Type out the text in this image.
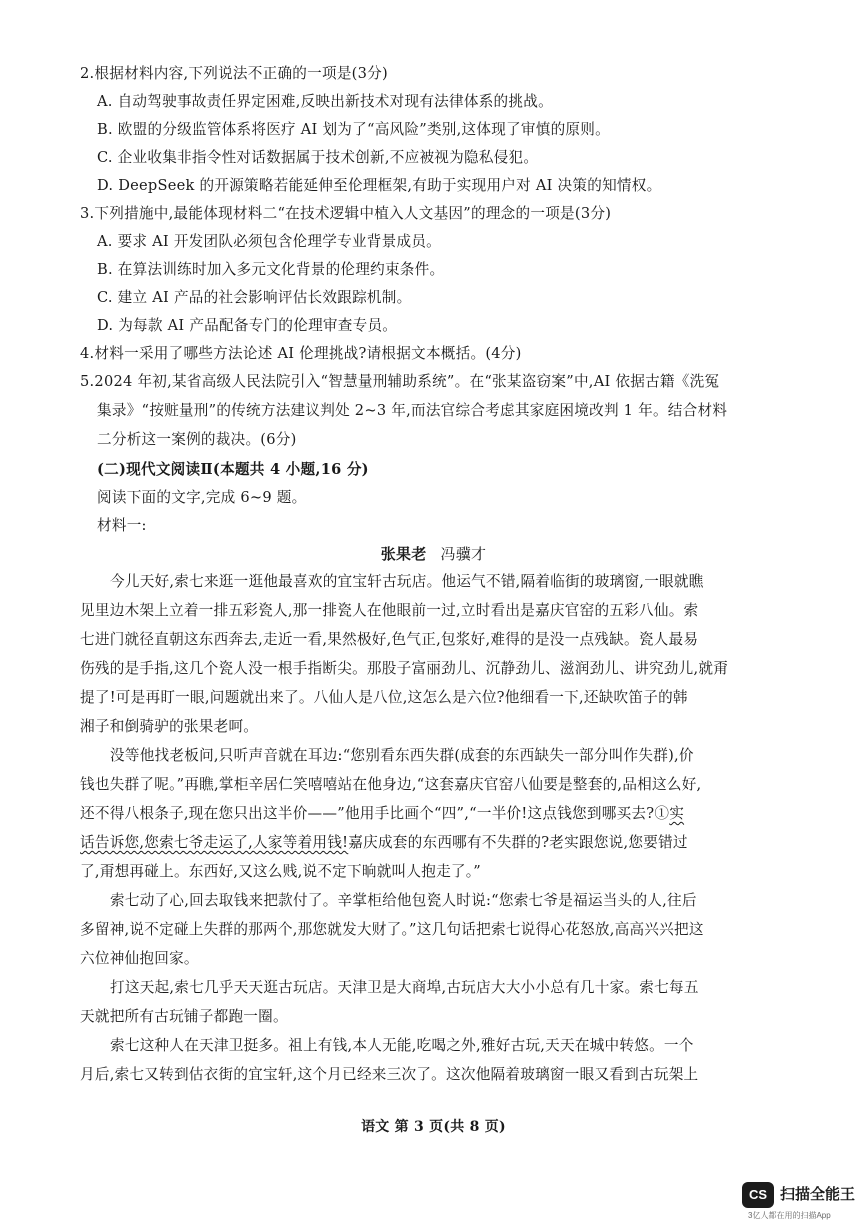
2.根据材料内容,下列说法不正确的一项是(3分)
A. 自动驾驶事故责任界定困难,反映出新技术对现有法律体系的挑战。
B. 欧盟的分级监管体系将医疗 AI 划为了“高风险”类别,这体现了审慎的原则。
C. 企业收集非指令性对话数据属于技术创新,不应被视为隐私侵犯。
D. DeepSeek 的开源策略若能延伸至伦理框架,有助于实现用户对 AI 决策的知情权。
3.下列措施中,最能体现材料二“在技术逻辑中植入人文基因”的理念的一项是(3分)
A. 要求 AI 开发团队必须包含伦理学专业背景成员。
B. 在算法训练时加入多元文化背景的伦理约束条件。
C. 建立 AI 产品的社会影响评估长效跟踪机制。
D. 为每款 AI 产品配备专门的伦理审查专员。
4.材料一采用了哪些方法论述 AI 伦理挑战?请根据文本概括。(4分)
5.2024 年初,某省高级人民法院引入“智慧量刑辅助系统”。在“张某盗窃案”中,AI 依据古籍《洗冤
集录》“按赃量刑”的传统方法建议判处 2~3 年,而法官综合考虑其家庭困境改判 1 年。结合材料
二分析这一案例的裁决。(6分)
(二)现代文阅读Ⅱ(本题共 4 小题,16 分)
阅读下面的文字,完成 6~9 题。
材料一:
张果老 冯骥才
今儿天好,索七来逛一逛他最喜欢的宜宝轩古玩店。他运气不错,隔着临街的玻璃窗,一眼就瞧
见里边木架上立着一排五彩瓷人,那一排瓷人在他眼前一过,立时看出是嘉庆官窑的五彩八仙。索
七进门就径直朝这东西奔去,走近一看,果然极好,色气正,包浆好,难得的是没一点残缺。瓷人最易
伤残的是手指,这几个瓷人没一根手指断尖。那股子富丽劲儿、沉静劲儿、滋润劲儿、讲究劲儿,就甭
提了!可是再盯一眼,问题就出来了。八仙人是八位,这怎么是六位?他细看一下,还缺吹笛子的韩
湘子和倒骑驴的张果老呵。
没等他找老板问,只听声音就在耳边:“您别看东西失群(成套的东西缺失一部分叫作失群),价
钱也失群了呢。”再瞧,掌柜辛居仁笑嘻嘻站在他身边,“这套嘉庆官窑八仙要是整套的,品相这么好,
还不得八根条子,现在您只出这半价——”他用手比画个“四”,“一半价!这点钱您到哪买去?①实
话告诉您,您索七爷走运了,人家等着用钱!嘉庆成套的东西哪有不失群的?老实跟您说,您要错过
了,甭想再碰上。东西好,又这么贱,说不定下晌就叫人抱走了。”
索七动了心,回去取钱来把款付了。辛掌柜给他包瓷人时说:“您索七爷是福运当头的人,往后
多留神,说不定碰上失群的那两个,那您就发大财了。”这几句话把索七说得心花怒放,高高兴兴把这
六位神仙抱回家。
打这天起,索七几乎天天逛古玩店。天津卫是大商埠,古玩店大大小小总有几十家。索七每五
天就把所有古玩铺子都跑一圈。
索七这种人在天津卫挺多。祖上有钱,本人无能,吃喝之外,雅好古玩,天天在城中转悠。一个
月后,索七又转到估衣街的宜宝轩,这个月已经来三次了。这次他隔着玻璃窗一眼又看到古玩架上
语文 第 3 页(共 8 页)
CS 扫描全能王
3亿人都在用的扫描App
